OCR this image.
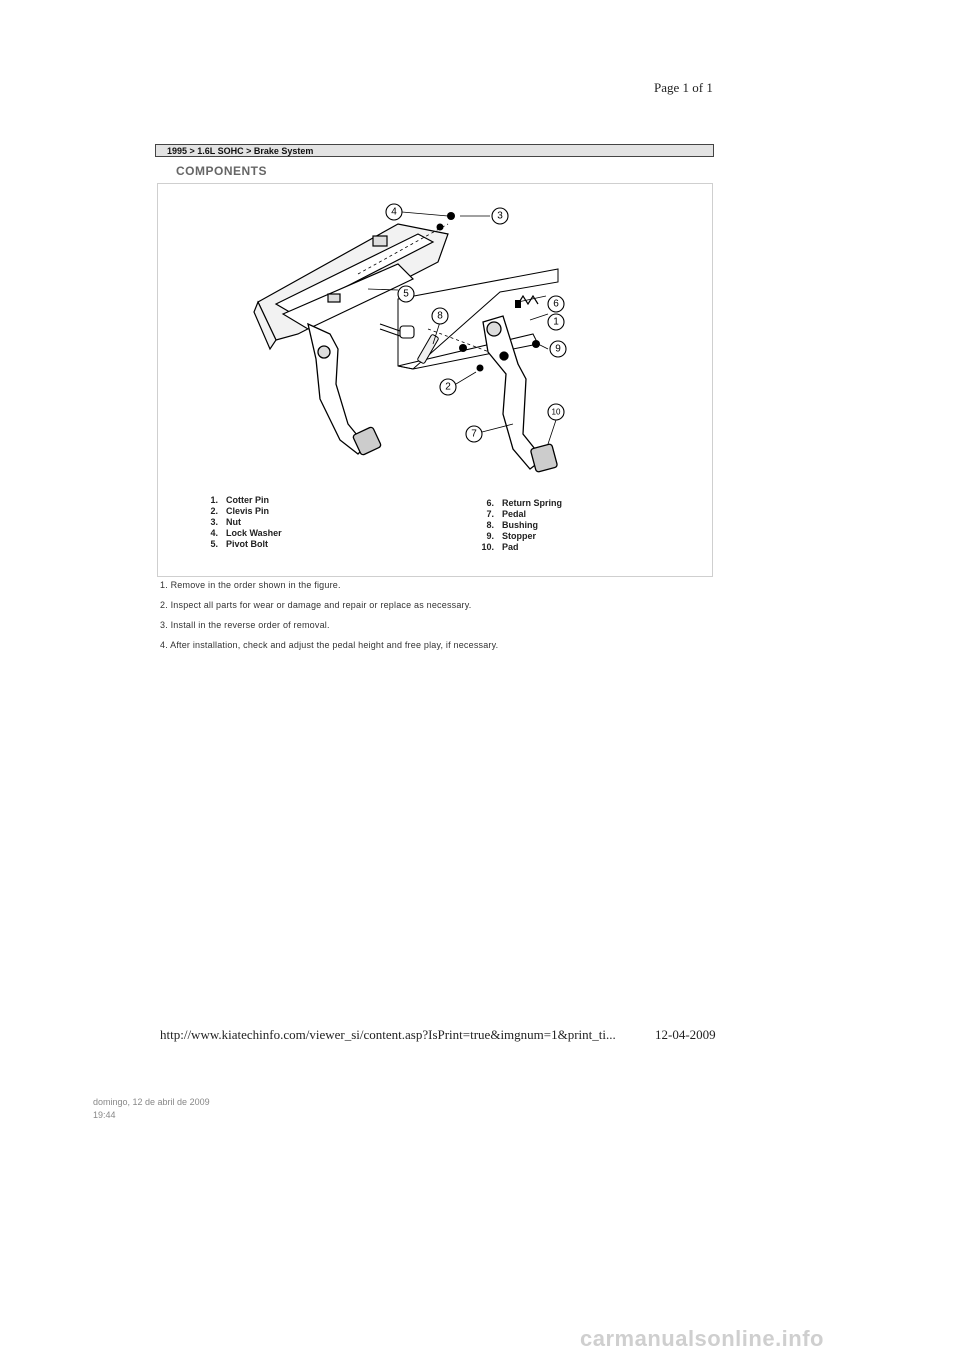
Page 1 of 1
1995 > 1.6L SOHC > Brake System
COMPONENTS
1
2
3
4
5
6
7
8
9
10
1. Cotter Pin
2. Clevis Pin
3. Nut
4. Lock Washer
5. Pivot Bolt
6. Return Spring
7. Pedal
8. Bushing
9. Stopper
10. Pad
1. Remove in the order shown in the figure.
2. Inspect all parts for wear or damage and repair or replace as necessary.
3. Install in the reverse order of removal.
4. After installation, check and adjust the pedal height and free play, if necessary.
http://www.kiatechinfo.com/viewer_si/content.asp?IsPrint=true&imgnum=1&print_ti...	12-04-2009
domingo, 12 de abril de 2009
19:44
carmanualsonline.info
